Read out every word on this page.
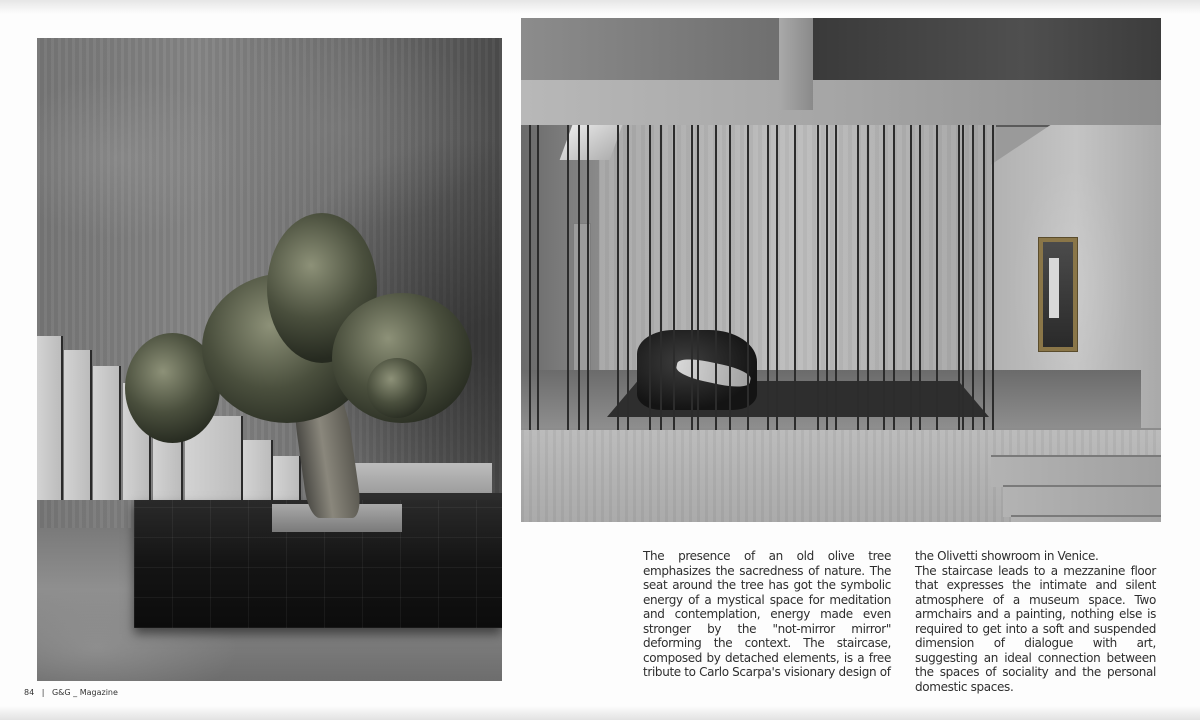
The presence of an old olive tree emphasizes the sacredness of nature. The seat around the tree has got the symbolic energy of a mystical space for meditation and contemplation, energy made even stronger by the "not-mirror mirror" deforming the context. The staircase, composed by detached elements, is a free tribute to Carlo Scarpa's visionary design of

the Olivetti showroom in Venice.

The staircase leads to a mezzanine floor that expresses the intimate and silent atmosphere of a museum space. Two armchairs and a painting, nothing else is required to get into a soft and suspended dimension of dialogue with art, suggesting an ideal connection between the spaces of sociality and the personal domestic spaces.

84 | G&G _ Magazine
